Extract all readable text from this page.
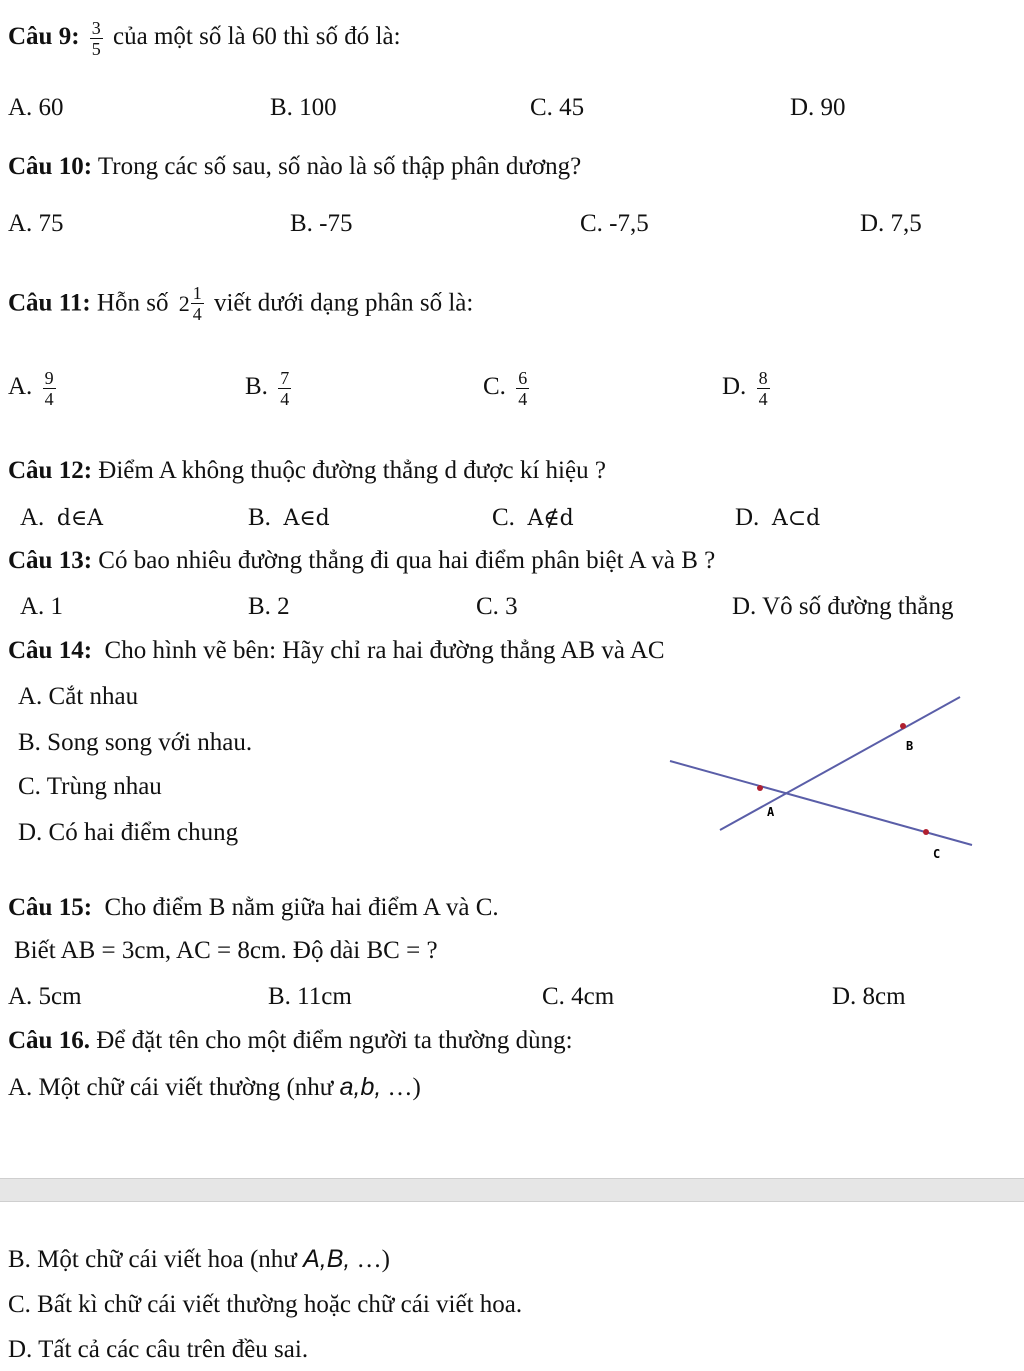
Câu 9: $\frac{3}{5}$ của một số là 60 thì số đó là:
A. 60	B. 100	C. 45	D. 90
Câu 10: Trong các số sau, số nào là số thập phân dương?
A. 75	B. -75	C. -7,5	D. 7,5
Câu 11: Hỗn số $2 \frac{1}{4}$ viết dưới dạng phân số là:
A. $\frac{9}{4}$	B. $\frac{7}{4}$	C. $\frac{6}{4}$	D. $\frac{8}{4}$
Câu 12: Điểm A không thuộc đường thẳng d được kí hiệu ?
A. d∈A	B. A∈d	C. A∉d	D. A⊂d
Câu 13: Có bao nhiêu đường thẳng đi qua hai điểm phân biệt A và B ?
A. 1	B. 2	C. 3	D. Vô số đường thẳng
Câu 14: Cho hình vẽ bên: Hãy chỉ ra hai đường thẳng AB và AC
A. Cắt nhau
B. Song song với nhau.
C. Trùng nhau
D. Có hai điểm chung
B
A
C
Câu 15: Cho điểm B nằm giữa hai điểm A và C.
Biết AB = 3cm, AC = 8cm. Độ dài BC = ?
A. 5cm	B. 11cm	C. 4cm	D. 8cm
Câu 16. Để đặt tên cho một điểm người ta thường dùng:
A. Một chữ cái viết thường (như a,b, …)
B. Một chữ cái viết hoa (như A,B, …)
C. Bất kì chữ cái viết thường hoặc chữ cái viết hoa.
D. Tất cả các câu trên đều sai.
